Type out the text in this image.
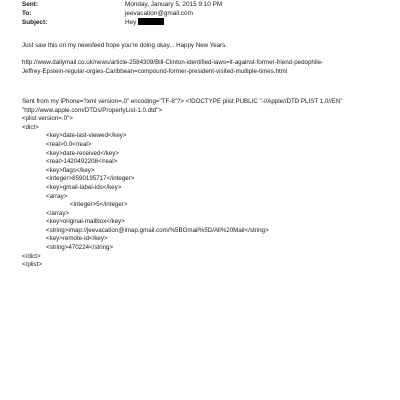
Sent:	Monday, January 5, 2015 9:10 PM
To:	jeevacation@gmail.com
Subject:	Hey
Just saw this on my newsfeed hope you're doing okay... Happy New Years.
http://www.dailymail.co.uk/news/article-2584309/Bill-Clinton-identified-laws=it-against-former-friend-pedophile-
Jeffrey-Epstein-regular-orgies-Caribbean=compound-former-president-visited-multiple-times.html
Sent from my iPhone=?xml version=.0" encoding="TF-8"?> <!DOCTYPE plist PUBLIC "-//Apple//DTD PLIST 1.0//EN"
"http://www.apple.com/DTDs/PropertyList-1.0.dtd">
<plist version=.0">
<dict>
<key>date-last-viewed</key>
<real>0.0</real>
<key>date-received</key>
<real>1420492208</real>
<key>flags</key>
<integer>8590195717</integer>
<key>gmail-label-ids</key>
<array>
<integer>5</integer>
</array>
<key>original-mailbox</key>
<string>imap://jeevacation@imap.gmail.com/%5BGmail%5D/All%20Mail</string>
<key>remote-id</key>
<string>470224</string>
</dict>
</plist>
